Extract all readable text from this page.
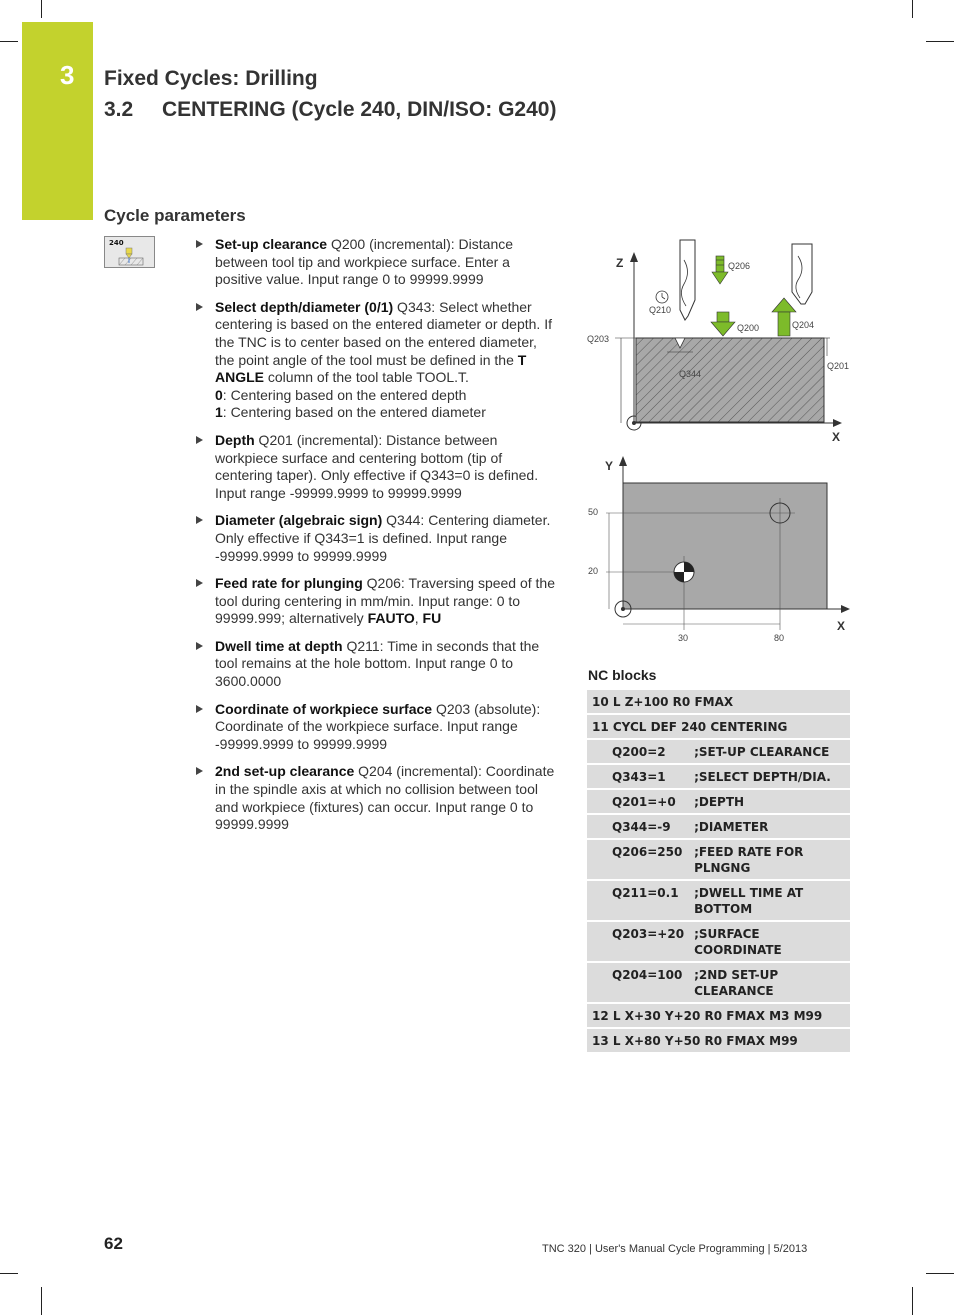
3	Fixed Cycles: Drilling
3.2 CENTERING (Cycle 240, DIN/ISO: G240)
Cycle parameters
240	Set-up clearance Q200 (incremental): Distance between tool tip and workpiece surface. Enter a positive value. Input range 0 to 99999.9999
Select depth/diameter (0/1) Q343: Select whether centering is based on the entered diameter or depth. If the TNC is to center based on the entered diameter, the point angle of the tool must be defined in the T ANGLE column of the tool table TOOL.T.
0: Centering based on the entered depth
1: Centering based on the entered diameter
Depth Q201 (incremental): Distance between workpiece surface and centering bottom (tip of centering taper). Only effective if Q343=0 is defined. Input range -99999.9999 to 99999.9999
Diameter (algebraic sign) Q344: Centering diameter. Only effective if Q343=1 is defined. Input range -99999.9999 to 99999.9999
Feed rate for plunging Q206: Traversing speed of the tool during centering in mm/min. Input range: 0 to 99999.999; alternatively FAUTO, FU
Dwell time at depth Q211: Time in seconds that the tool remains at the hole bottom. Input range 0 to 3600.0000
Coordinate of workpiece surface Q203 (absolute): Coordinate of the workpiece surface. Input range -99999.9999 to 99999.9999
2nd set-up clearance Q204 (incremental): Coordinate in the spindle axis at which no collision between tool and workpiece (fixtures) can occur. Input range 0 to 99999.9999
Z
X
Q206
Q210
Q200	Q204
Q203
Q344
Q201
Y
X
50
20
30	80
NC blocks
10 L Z+100 R0 FMAX	
11 CYCL DEF 240 CENTERING	
Q200=2	;SET-UP CLEARANCE
Q343=1	;SELECT DEPTH/DIA.
Q201=+0	;DEPTH
Q344=-9	;DIAMETER
Q206=250	;FEED RATE FOR PLNGNG
Q211=0.1	;DWELL TIME AT BOTTOM
Q203=+20	;SURFACE COORDINATE
Q204=100	;2ND SET-UP CLEARANCE
12 L X+30 Y+20 R0 FMAX M3 M99	
13 L X+80 Y+50 R0 FMAX M99	
62	TNC 320 | User's Manual Cycle Programming | 5/2013
